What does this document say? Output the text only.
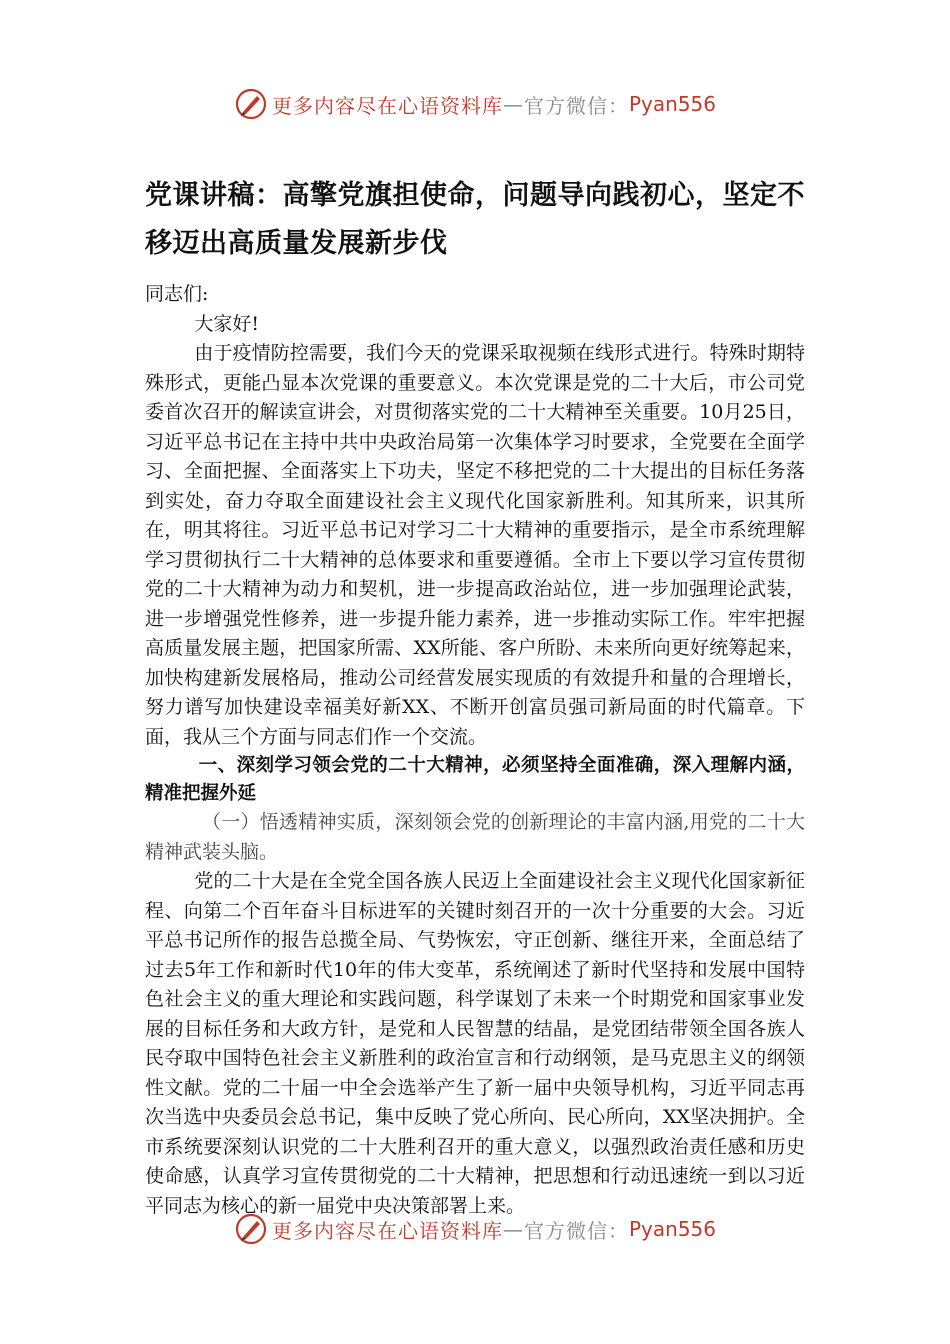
更多内容尽在心语资料库 — 官方微信： Pyan556
党课讲稿：高擎党旗担使命，问题导向践初心，坚定不移迈出高质量发展新步伐

同志们:

大家好!

由于疫情防控需要，我们今天的党课采取视频在线形式进行。特殊时期特殊形式，更能凸显本次党课的重要意义。本次党课是党的二十大后，市公司党委首次召开的解读宣讲会，对贯彻落实党的二十大精神至关重要。10月25日，习近平总书记在主持中共中央政治局第一次集体学习时要求，全党要在全面学习、全面把握、全面落实上下功夫，坚定不移把党的二十大提出的目标任务落到实处，奋力夺取全面建设社会主义现代化国家新胜利。知其所来，识其所在，明其将往。习近平总书记对学习二十大精神的重要指示，是全市系统理解学习贯彻执行二十大精神的总体要求和重要遵循。全市上下要以学习宣传贯彻党的二十大精神为动力和契机，进一步提高政治站位，进一步加强理论武装，进一步增强党性修养，进一步提升能力素养，进一步推动实际工作。牢牢把握高质量发展主题，把国家所需、XX所能、客户所盼、未来所向更好统筹起来，加快构建新发展格局，推动公司经营发展实现质的有效提升和量的合理增长，努力谱写加快建设幸福美好新XX、不断开创富员强司新局面的时代篇章。下面，我从三个方面与同志们作一个交流。

一、深刻学习领会党的二十大精神，必须坚持全面准确，深入理解内涵，精准把握外延

（一）悟透精神实质，深刻领会党的创新理论的丰富内涵,用党的二十大精神武装头脑。

党的二十大是在全党全国各族人民迈上全面建设社会主义现代化国家新征程、向第二个百年奋斗目标进军的关键时刻召开的一次十分重要的大会。习近平总书记所作的报告总揽全局、气势恢宏，守正创新、继往开来，全面总结了过去5年工作和新时代10年的伟大变革，系统阐述了新时代坚持和发展中国特色社会主义的重大理论和实践问题，科学谋划了未来一个时期党和国家事业发展的目标任务和大政方针，是党和人民智慧的结晶，是党团结带领全国各族人民夺取中国特色社会主义新胜利的政治宣言和行动纲领，是马克思主义的纲领性文献。党的二十届一中全会选举产生了新一届中央领导机构，习近平同志再次当选中央委员会总书记，集中反映了党心所向、民心所向，XX坚决拥护。全市系统要深刻认识党的二十大胜利召开的重大意义，以强烈政治责任感和历史使命感，认真学习宣传贯彻党的二十大精神，把思想和行动迅速统一到以习近平同志为核心的新一届党中央决策部署上来。

更多内容尽在心语资料库 — 官方微信： Pyan556
